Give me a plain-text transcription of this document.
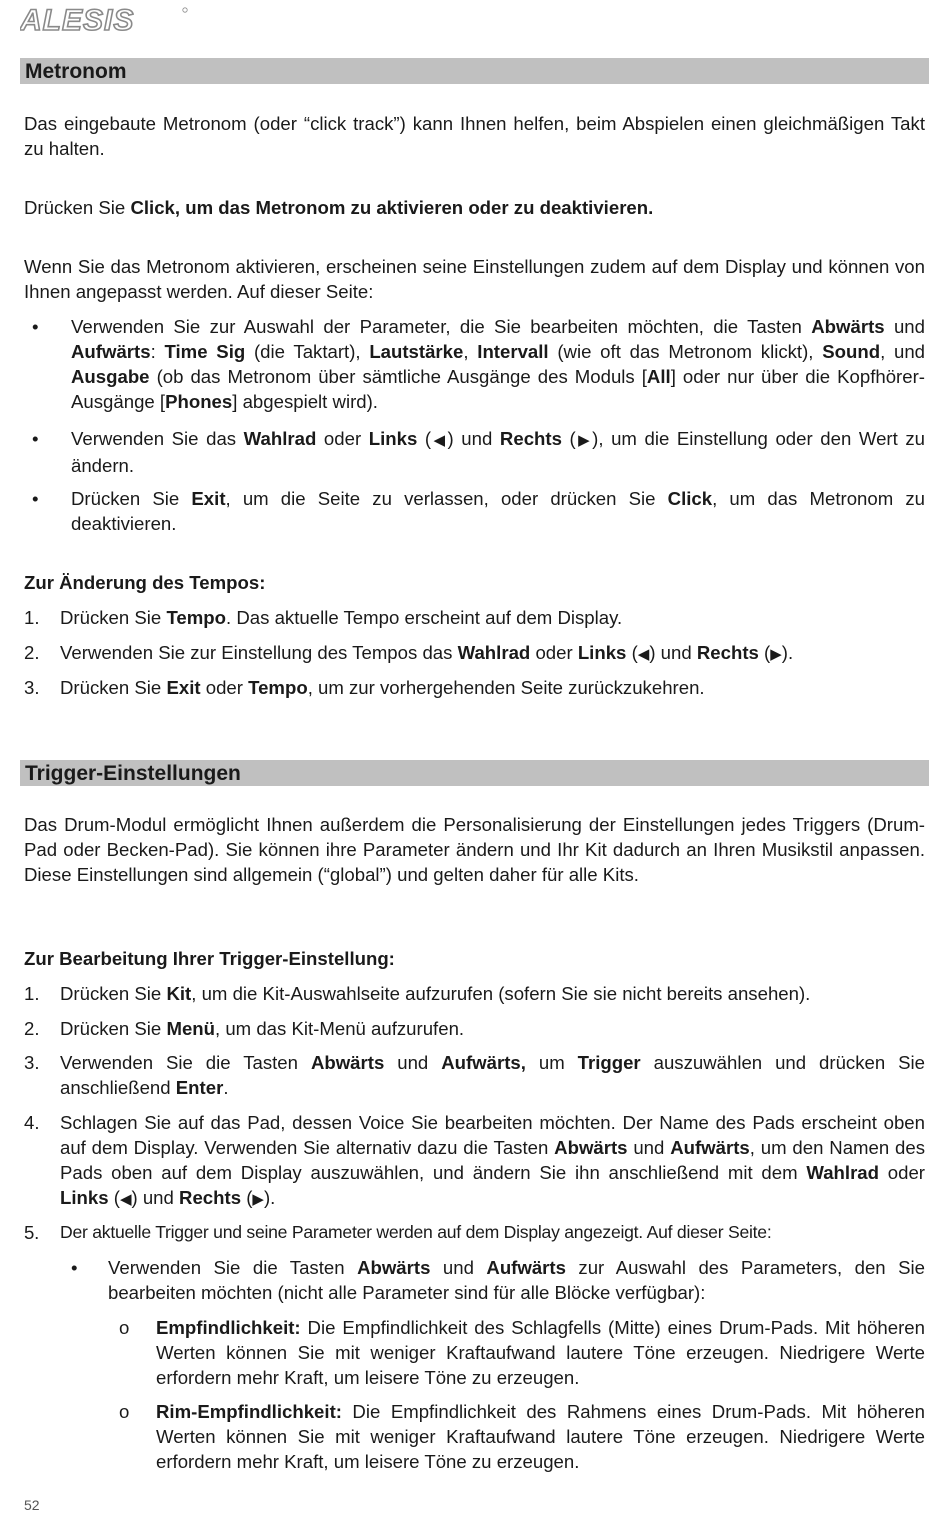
ALESIS
Metronom

Das eingebaute Metronom (oder “click track”) kann Ihnen helfen, beim Abspielen einen gleichmäßigen Takt zu halten.

Drücken Sie Click, um das Metronom zu aktivieren oder zu deaktivieren.

Wenn Sie das Metronom aktivieren, erscheinen seine Einstellungen zudem auf dem Display und können von Ihnen angepasst werden. Auf dieser Seite:

• Verwenden Sie zur Auswahl der Parameter, die Sie bearbeiten möchten, die Tasten Abwärts und Aufwärts: Time Sig (die Taktart), Lautstärke, Intervall (wie oft das Metronom klickt), Sound, und Ausgabe (ob das Metronom über sämtliche Ausgänge des Moduls [All] oder nur über die Kopfhörer-Ausgänge [Phones] abgespielt wird).

• Verwenden Sie das Wahlrad oder Links (◀) und Rechts (▶), um die Einstellung oder den Wert zu ändern.

• Drücken Sie Exit, um die Seite zu verlassen, oder drücken Sie Click, um das Metronom zu deaktivieren.

Zur Änderung des Tempos:

1. Drücken Sie Tempo. Das aktuelle Tempo erscheint auf dem Display.

2. Verwenden Sie zur Einstellung des Tempos das Wahlrad oder Links (◀) und Rechts (▶).

3. Drücken Sie Exit oder Tempo, um zur vorhergehenden Seite zurückzukehren.

Trigger-Einstellungen

Das Drum-Modul ermöglicht Ihnen außerdem die Personalisierung der Einstellungen jedes Triggers (Drum-Pad oder Becken-Pad). Sie können ihre Parameter ändern und Ihr Kit dadurch an Ihren Musikstil anpassen. Diese Einstellungen sind allgemein (“global”) und gelten daher für alle Kits.

Zur Bearbeitung Ihrer Trigger-Einstellung:

1. Drücken Sie Kit, um die Kit-Auswahlseite aufzurufen (sofern Sie sie nicht bereits ansehen).

2. Drücken Sie Menü, um das Kit-Menü aufzurufen.

3. Verwenden Sie die Tasten Abwärts und Aufwärts, um Trigger auszuwählen und drücken Sie anschließend Enter.

4. Schlagen Sie auf das Pad, dessen Voice Sie bearbeiten möchten. Der Name des Pads erscheint oben auf dem Display. Verwenden Sie alternativ dazu die Tasten Abwärts und Aufwärts, um den Namen des Pads oben auf dem Display auszuwählen, und ändern Sie ihn anschließend mit dem Wahlrad oder Links (◀) und Rechts (▶).

5. Der aktuelle Trigger und seine Parameter werden auf dem Display angezeigt. Auf dieser Seite:

• Verwenden Sie die Tasten Abwärts und Aufwärts zur Auswahl des Parameters, den Sie bearbeiten möchten (nicht alle Parameter sind für alle Blöcke verfügbar):

o Empfindlichkeit: Die Empfindlichkeit des Schlagfells (Mitte) eines Drum-Pads. Mit höheren Werten können Sie mit weniger Kraftaufwand lautere Töne erzeugen. Niedrigere Werte erfordern mehr Kraft, um leisere Töne zu erzeugen.

o Rim-Empfindlichkeit: Die Empfindlichkeit des Rahmens eines Drum-Pads. Mit höheren Werten können Sie mit weniger Kraftaufwand lautere Töne erzeugen. Niedrigere Werte erfordern mehr Kraft, um leisere Töne zu erzeugen.

52
